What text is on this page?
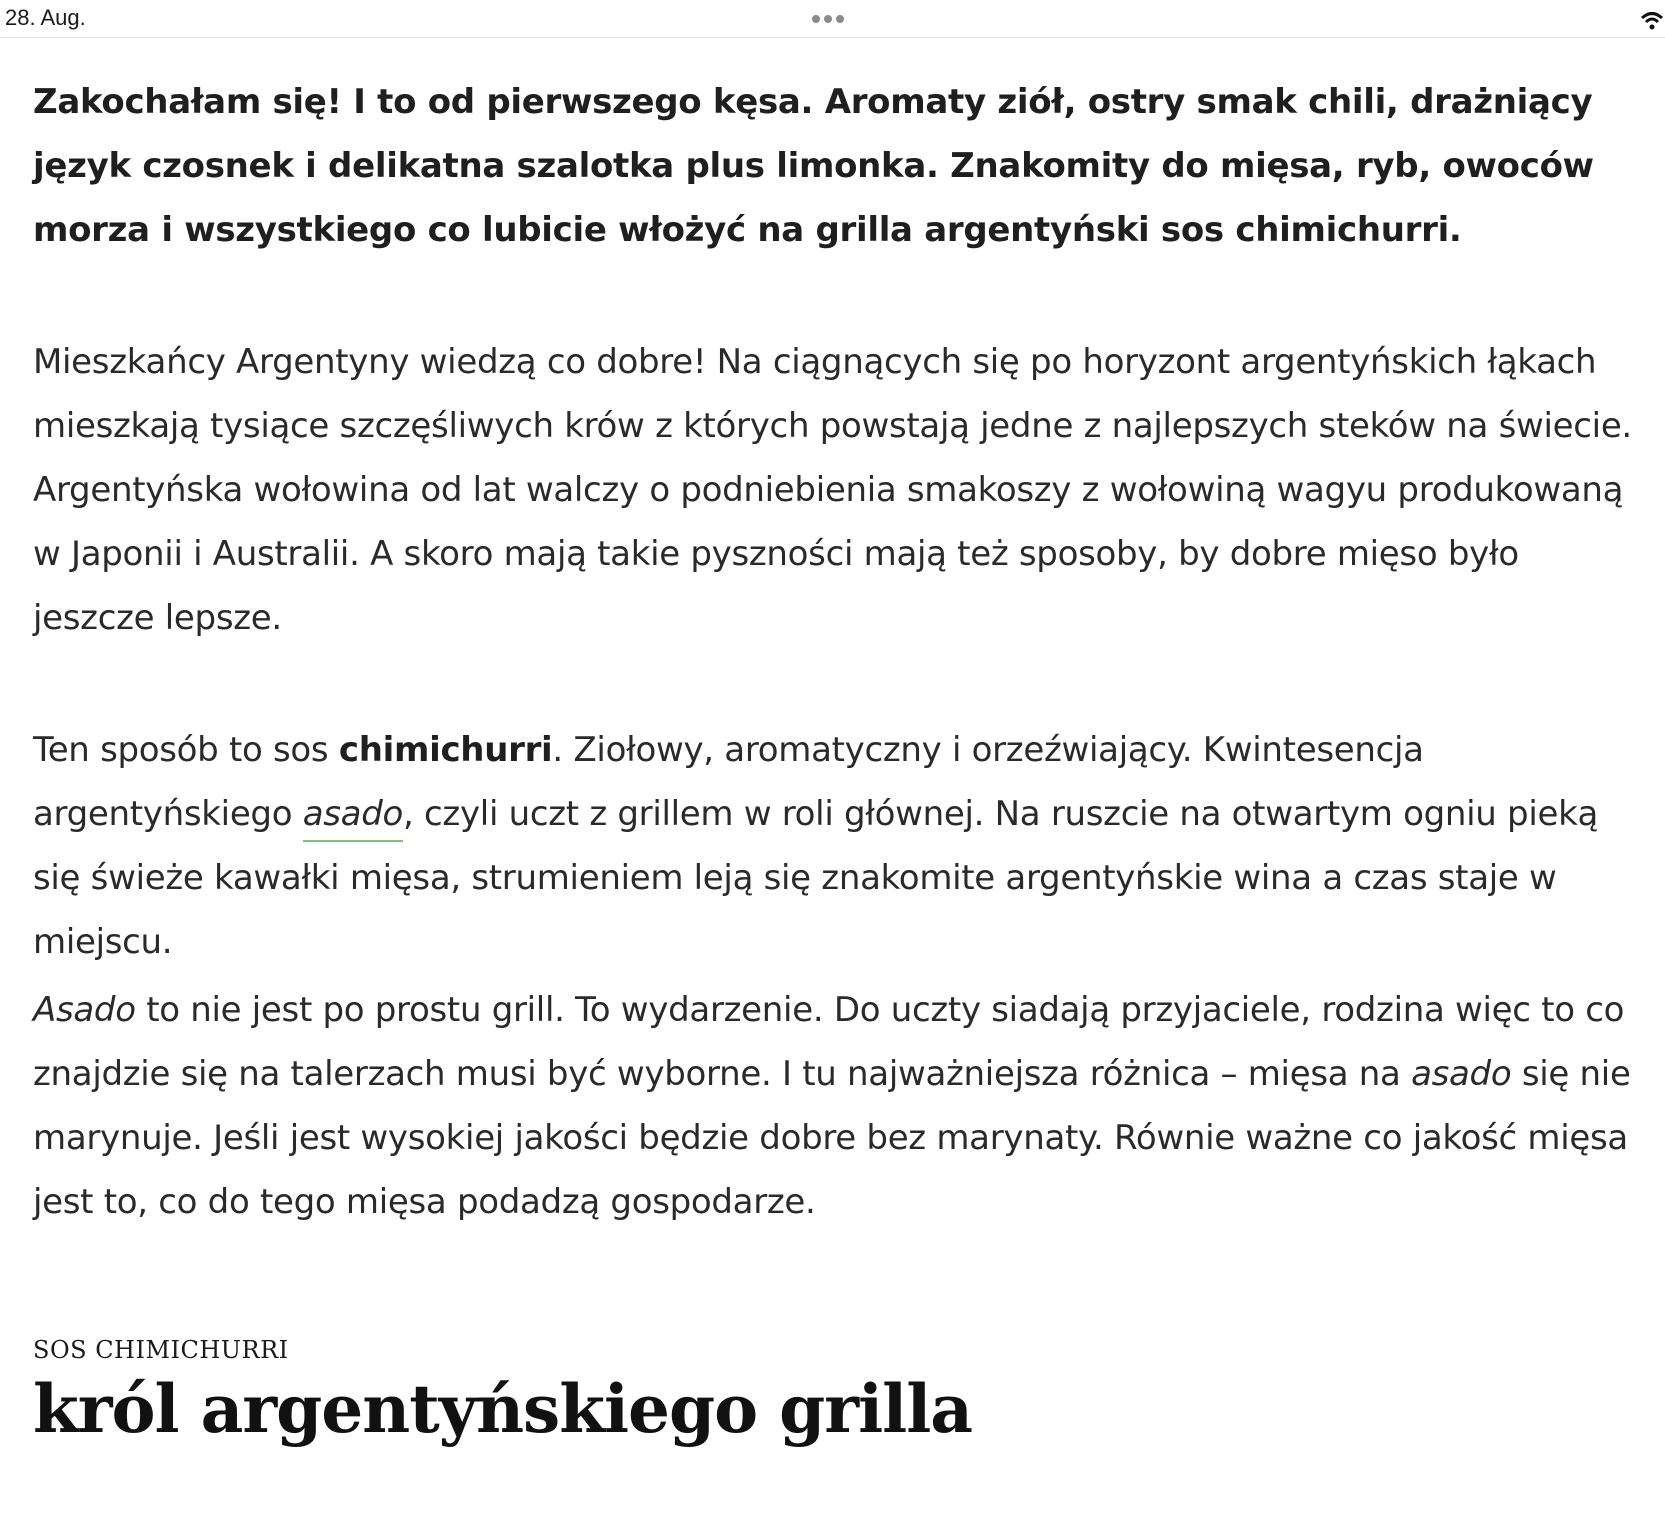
28. Aug.

Zakochałam się! I to od pierwszego kęsa. Aromaty ziół, ostry smak chili, drażniący język czosnek i delikatna szalotka plus limonka. Znakomity do mięsa, ryb, owoców morza i wszystkiego co lubicie włożyć na grilla argentyński sos chimichurri.

Mieszkańcy Argentyny wiedzą co dobre! Na ciągnących się po horyzont argentyńskich łąkach mieszkają tysiące szczęśliwych krów z których powstają jedne z najlepszych steków na świecie. Argentyńska wołowina od lat walczy o podniebienia smakoszy z wołowiną wagyu produkowaną w Japonii i Australii. A skoro mają takie pyszności mają też sposoby, by dobre mięso było jeszcze lepsze.

Ten sposób to sos chimichurri. Ziołowy, aromatyczny i orzeźwiający. Kwintesencja argentyńskiego asado, czyli uczt z grillem w roli głównej. Na ruszcie na otwartym ogniu pieką się świeże kawałki mięsa, strumieniem leją się znakomite argentyńskie wina a czas staje w miejscu.

Asado to nie jest po prostu grill. To wydarzenie. Do uczty siadają przyjaciele, rodzina więc to co znajdzie się na talerzach musi być wyborne. I tu najważniejsza różnica – mięsa na asado się nie marynuje. Jeśli jest wysokiej jakości będzie dobre bez marynaty. Równie ważne co jakość mięsa jest to, co do tego mięsa podadzą gospodarze.

SOS CHIMICHURRI
król argentyńskiego grilla
